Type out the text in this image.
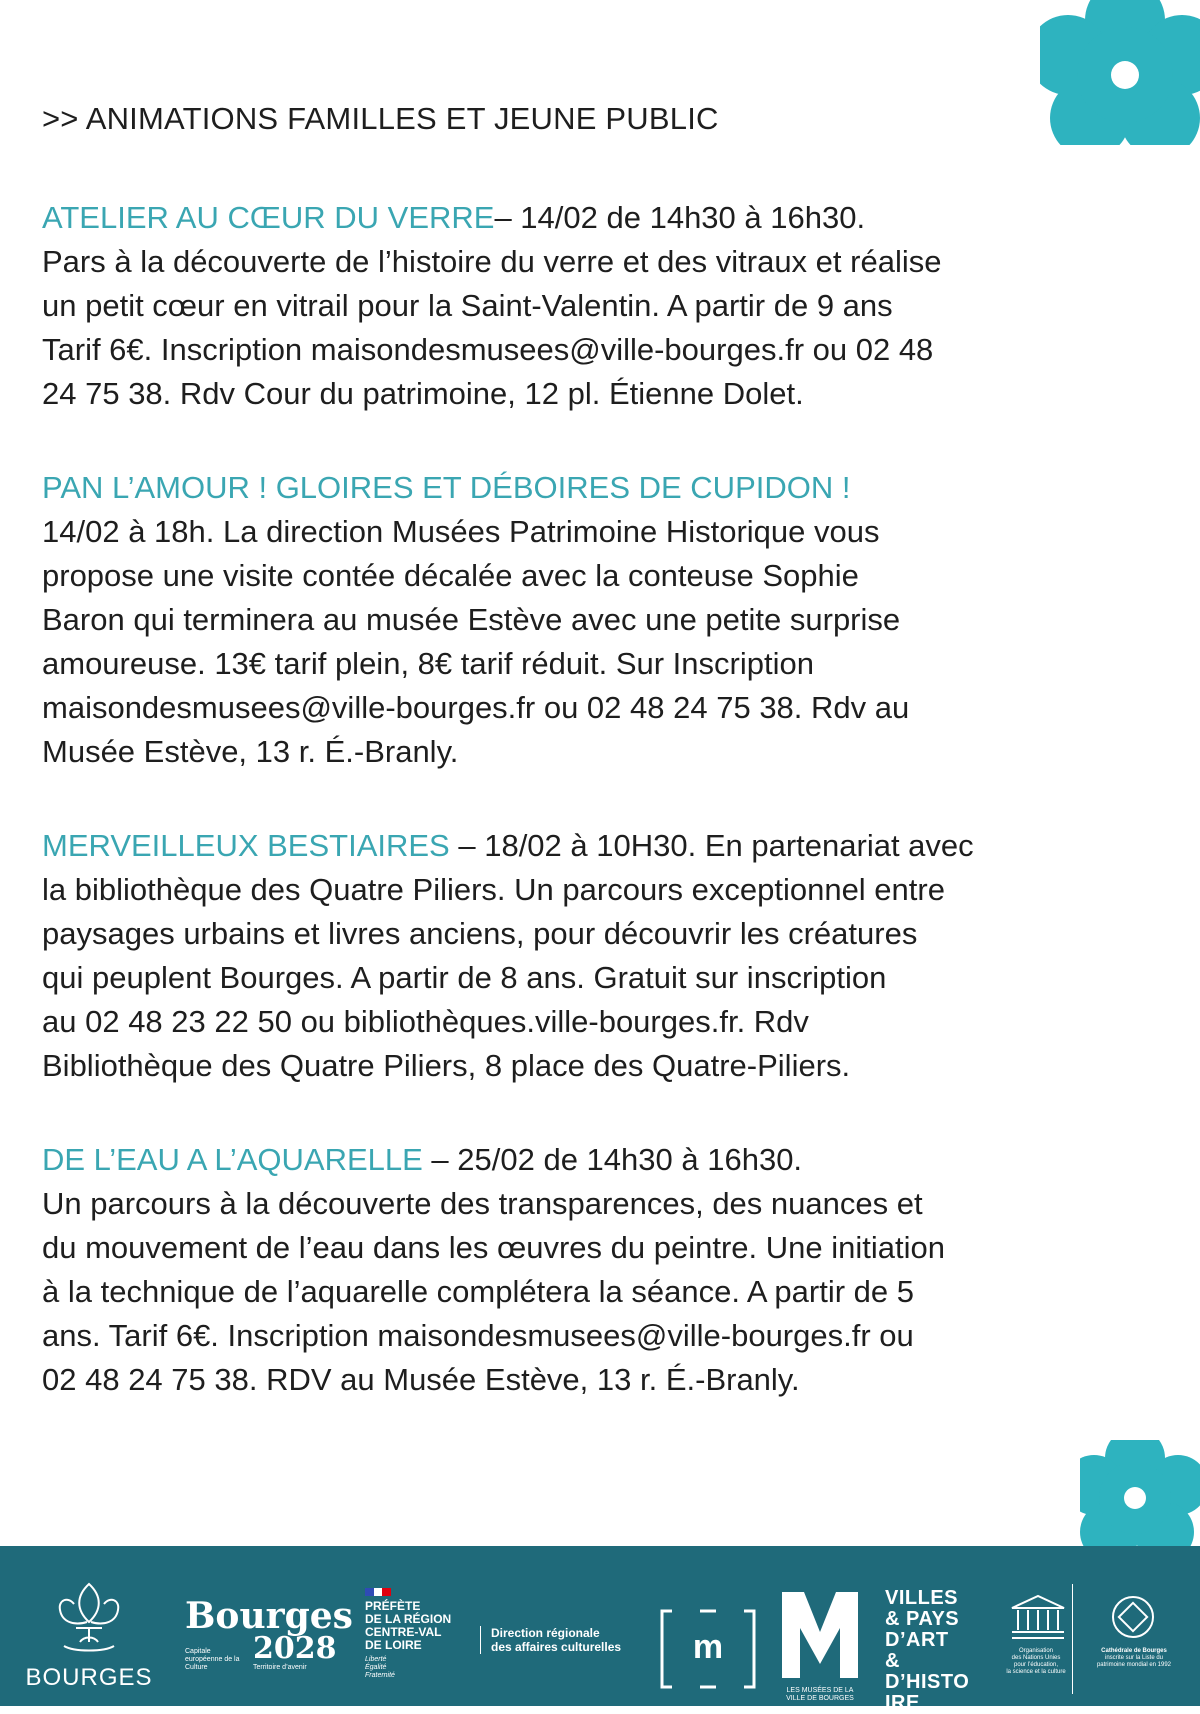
>> ANIMATIONS FAMILLES ET JEUNE PUBLIC

ATELIER AU CŒUR DU VERRE– 14/02 de 14h30 à 16h30.

Pars à la découverte de l’histoire du verre et des vitraux et réalise

un petit cœur en vitrail pour la Saint-Valentin. A partir de 9 ans

Tarif 6€. Inscription maisondesmusees@ville-bourges.fr ou 02 48

24 75 38. Rdv Cour du patrimoine, 12 pl. Étienne Dolet.

PAN L’AMOUR ! GLOIRES ET DÉBOIRES DE CUPIDON !

14/02 à 18h. La direction Musées Patrimoine Historique vous

propose une visite contée décalée avec la conteuse Sophie

Baron qui terminera au musée Estève avec une petite surprise

amoureuse. 13€ tarif plein, 8€ tarif réduit. Sur Inscription

maisondesmusees@ville-bourges.fr ou 02 48 24 75 38. Rdv au

Musée Estève, 13 r. É.-Branly.

MERVEILLEUX BESTIAIRES – 18/02 à 10H30. En partenariat avec

la bibliothèque des Quatre Piliers. Un parcours exceptionnel entre

paysages urbains et livres anciens, pour découvrir les créatures

qui peuplent Bourges. A partir de 8 ans. Gratuit sur inscription

au 02 48 23 22 50 ou bibliothèques.ville-bourges.fr. Rdv

Bibliothèque des Quatre Piliers, 8 place des Quatre-Piliers.

DE L’EAU A L’AQUARELLE – 25/02 de 14h30 à 16h30.

Un parcours à la découverte des transparences, des nuances et

du mouvement de l’eau dans les œuvres du peintre. Une initiation

à la technique de l’aquarelle complétera la séance. A partir de 5

ans. Tarif 6€. Inscription maisondesmusees@ville-bourges.fr ou

02 48 24 75 38. RDV au Musée Estève, 13 r. É.-Branly.

BOURGES
Bourges
Capitale européenne de la Culture
2028
Territoire d’avenir
PRÉFÈTE
DE LA RÉGION
CENTRE-VAL
DE LOIRE
Liberté
Égalité
Fraternité
Direction régionale
des affaires culturelles	m
LES MUSÉES DE LA
VILLE DE BOURGES
VILLES
& PAYS
D’ART &
D’HISTO
IRE
Organisation
des Nations Unies
pour l’éducation,
la science et la culture
Cathédrale de Bourges
inscrite sur la Liste du
patrimoine mondial en 1992
